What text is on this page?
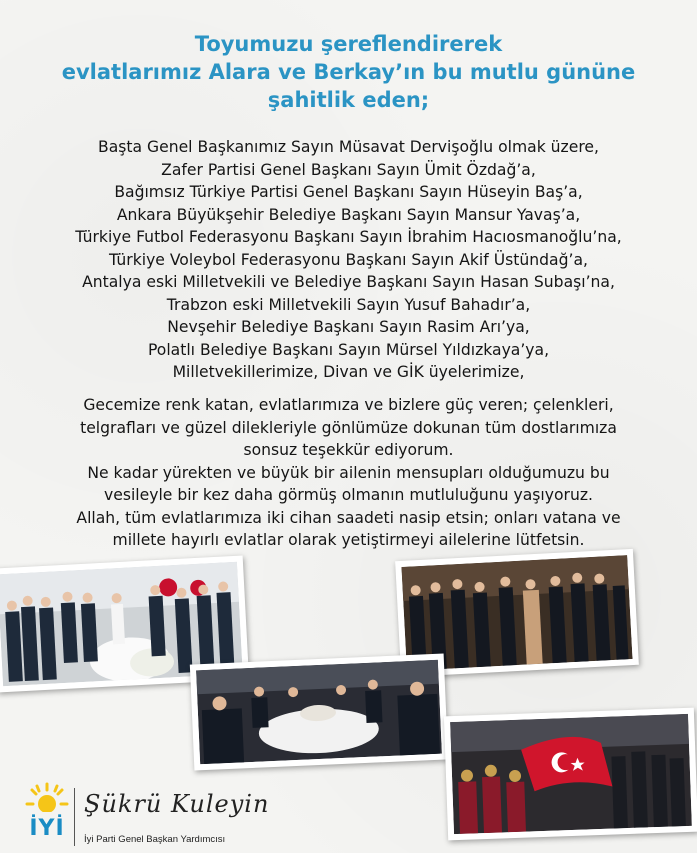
Toyumuzu şereflendirerek
evlatlarımız Alara ve Berkay’ın bu mutlu gününe
şahitlik eden;
Başta Genel Başkanımız Sayın Müsavat Dervişoğlu olmak üzere,
Zafer Partisi Genel Başkanı Sayın Ümit Özdağ’a,
Bağımsız Türkiye Partisi Genel Başkanı Sayın Hüseyin Baş’a,
Ankara Büyükşehir Belediye Başkanı Sayın Mansur Yavaş’a,
Türkiye Futbol Federasyonu Başkanı Sayın İbrahim Hacıosmanoğlu’na,
Türkiye Voleybol Federasyonu Başkanı Sayın Akif Üstündağ’a,
Antalya eski Milletvekili ve Belediye Başkanı Sayın Hasan Subaşı’na,
Trabzon eski Milletvekili Sayın Yusuf Bahadır’a,
Nevşehir Belediye Başkanı Sayın Rasim Arı’ya,
Polatlı Belediye Başkanı Sayın Mürsel Yıldızkaya’ya,
Milletvekillerimize, Divan ve GİK üyelerimize,
Gecemize renk katan, evlatlarımıza ve bizlere güç veren; çelenkleri,
telgrafları ve güzel dilekleriyle gönlümüze dokunan tüm dostlarımıza
sonsuz teşekkür ediyorum.
Ne kadar yürekten ve büyük bir ailenin mensupları olduğumuzu bu
vesileyle bir kez daha görmüş olmanın mutluluğunu yaşıyoruz.
Allah, tüm evlatlarımıza iki cihan saadeti nasip etsin; onları vatana ve
millete hayırlı evlatlar olarak yetiştirmeyi ailelerine lütfetsin.
İYİ
Şükrü Kuleyin
İyi Parti Genel Başkan Yardımcısı
